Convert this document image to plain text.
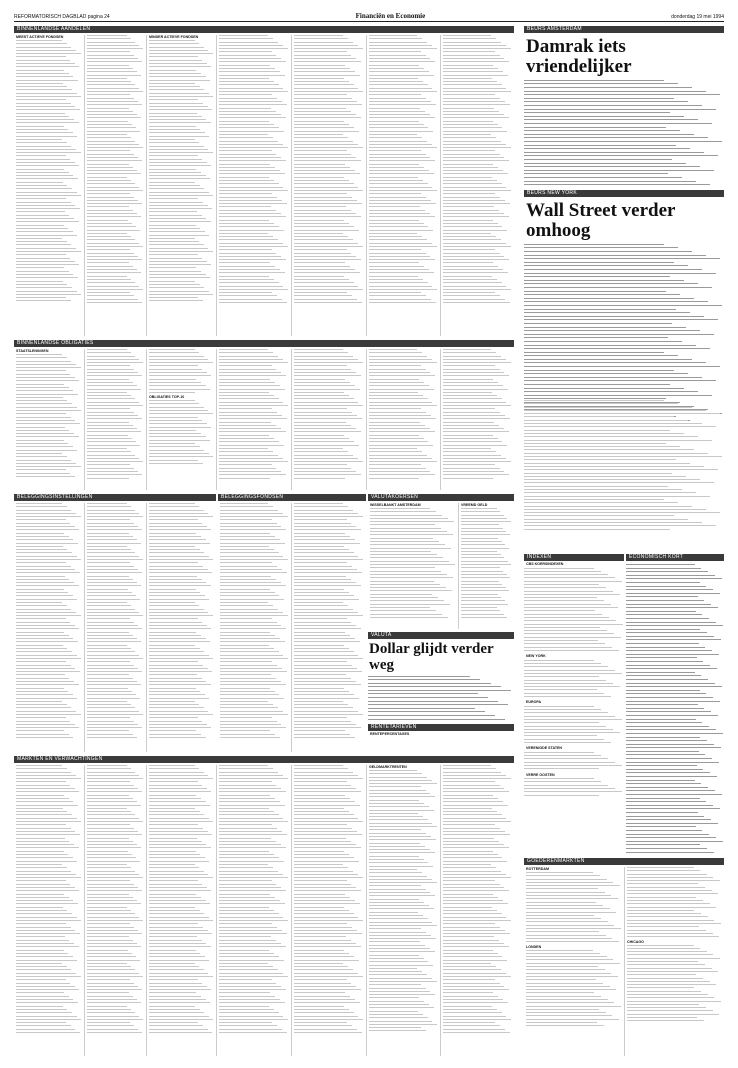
REFORMATORISCH DAGBLAD pagina 24	Financiën en Economie	donderdag 19 mei 1994
BINNENLANDSE AANDELEN
MEEST ACTIEVE FONDSEN	MINDER ACTIEVE FONDSEN
BINNENLANDSE OBLIGATIES
STAATSLENINGEN
OBLIGATIES TOP-10
BELEGGINGSINSTELLINGEN	BELEGGINGSFONDSEN	VALUTAKOERSEN
WISSELBANKT AMSTERDAM	VREEMD GELD
VALUTA
Dollar glijdt verder weg
RENTETARIEVEN
RENTEPERCENTAGES
MARKTEN EN VERWACHTINGEN
GELDMARKTRENTEN
BEURS AMSTERDAM
Damrak iets vriendelijker
BEURS NEW YORK
Wall Street verder omhoog
INDEXEN
CBS KOERSINDEXEN
NEW YORK
EUROPA
VERENIGDE STATEN
VERRE OOSTEN
ECONOMISCH KORT
GOEDERENMARKTEN
ROTTERDAM
LONDEN
CHICAGO
